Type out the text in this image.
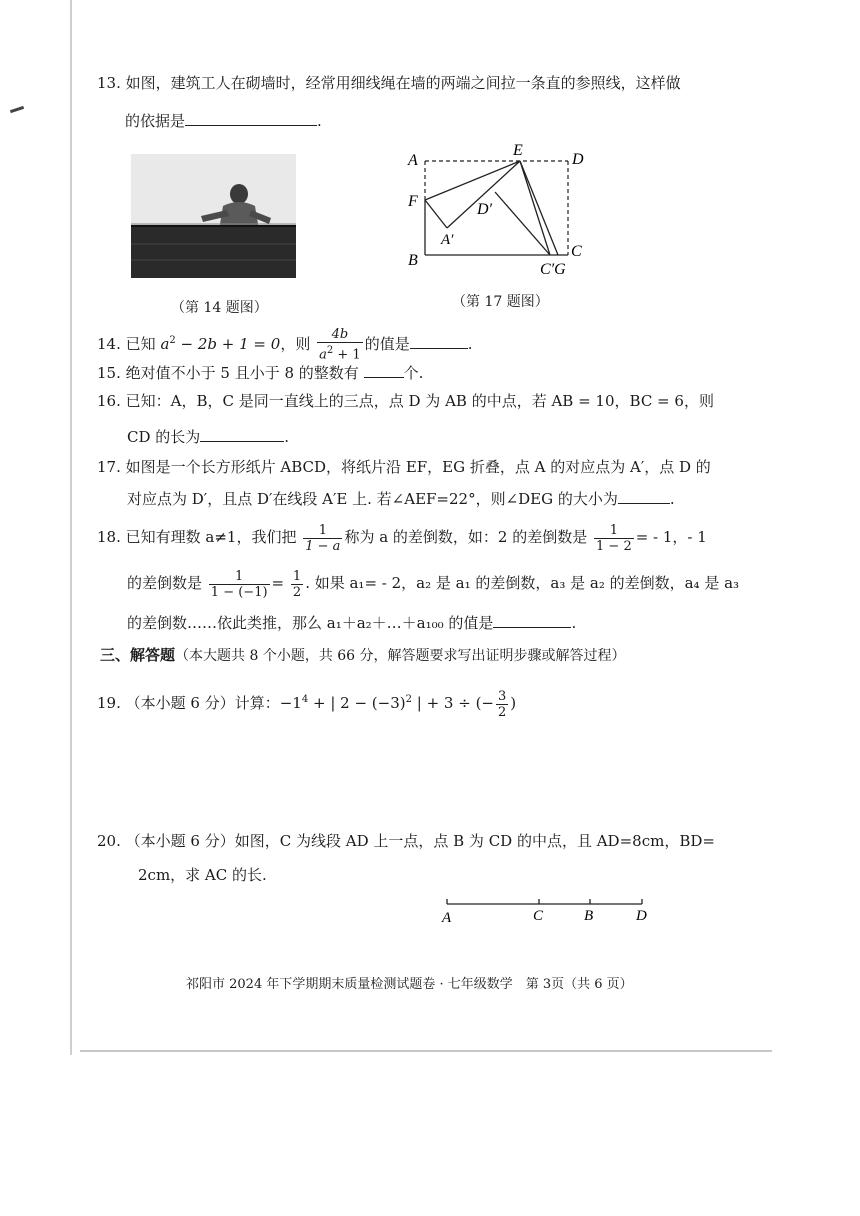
13. 如图，建筑工人在砌墙时，经常用细线绳在墙的两端之间拉一条直的参照线，这样做
的依据是	.
（第 14 题图）
A
E
D
F	D′
A′
B
C
C′G
（第 17 题图）
14. 已知 $a^2 - 2b + 1 = 0$，则 $\frac{4b}{a^2 + 1}$ 的值是	.
15. 绝对值不小于 5 且小于 8 的整数有	个.
16. 已知：A，B，C 是同一直线上的三点，点 D 为 AB 的中点，若 AB = 10，BC = 6，则
CD 的长为	.
17. 如图是一个长方形纸片 ABCD，将纸片沿 EF，EG 折叠，点 A 的对应点为 A′，点 D 的
对应点为 D′，且点 D′在线段 A′E 上. 若∠AEF=22°，则∠DEG 的大小为	.
18. 已知有理数 a≠1，我们把 $\frac{1}{1 - a}$ 称为 a 的差倒数，如：2 的差倒数是 $\frac{1}{1 - 2}$ = - 1，- 1
的差倒数是 $\frac{1}{1 - (-1)} = \frac{1}{2}$ . 如果 a₁= - 2，a₂ 是 a₁ 的差倒数，a₃ 是 a₂ 的差倒数，a₄ 是 a₃
的差倒数……依此类推，那么 a₁＋a₂＋…＋a₁₀₀ 的值是	.
三、解答题（本大题共 8 个小题，共 66 分，解答题要求写出证明步骤或解答过程）
19. （本小题 6 分）计算：$-1^4$ + | $2 - (-3)^2$ | + 3 ÷ (− $\frac{3}{2}$ )
20. （本小题 6 分）如图，C 为线段 AD 上一点，点 B 为 CD 的中点，且 AD=8cm，BD=
2cm，求 AC 的长.
A	C	B	D
祁阳市 2024 年下学期期末质量检测试题卷 · 七年级数学　第 3页（共 6 页）
